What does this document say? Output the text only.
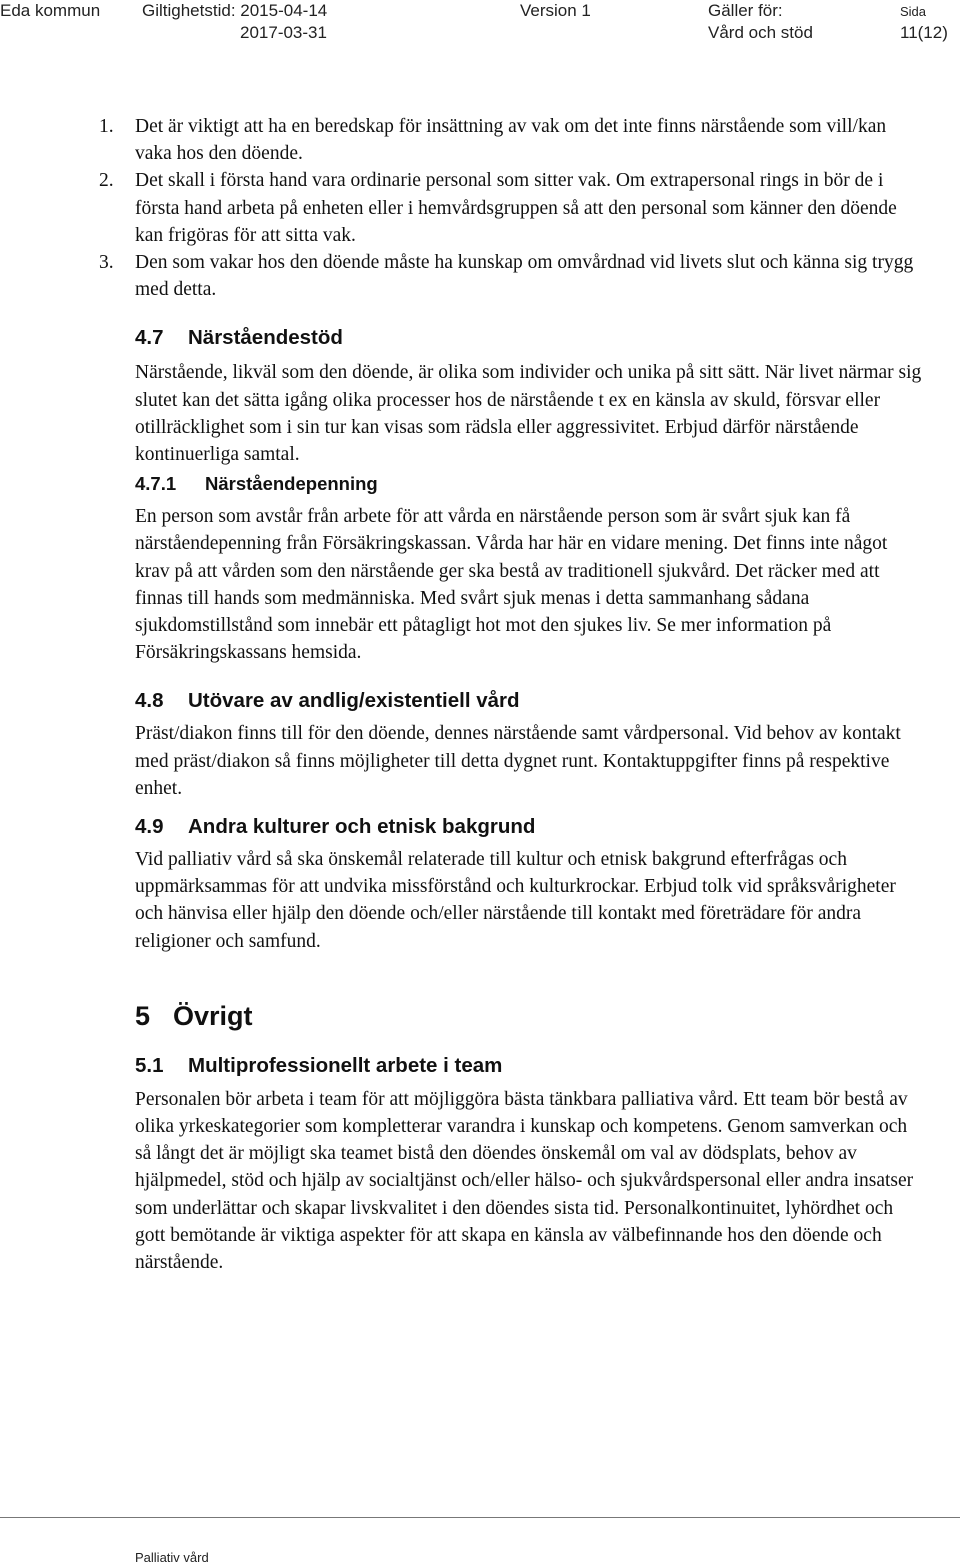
Eda kommun Giltighetstid: 2015-04-14
2017-03-31
Version 1	Gäller för:
Vård och stöd
Sida
11(12)
1. Det är viktigt att ha en beredskap för insättning av vak om det inte finns närstående som vill/kan vaka hos den döende.
2. Det skall i första hand vara ordinarie personal som sitter vak. Om extrapersonal rings in bör de i första hand arbeta på enheten eller i hemvårdsgruppen så att den personal som känner den döende kan frigöras för att sitta vak.
3. Den som vakar hos den döende måste ha kunskap om omvårdnad vid livets slut och känna sig trygg med detta.
4.7 Närståendestöd

Närstående, likväl som den döende, är olika som individer och unika på sitt sätt. När livet närmar sig slutet kan det sätta igång olika processer hos de närstående t ex en känsla av skuld, försvar eller otillräcklighet som i sin tur kan visas som rädsla eller aggressivitet. Erbjud därför närstående kontinuerliga samtal.

4.7.1 Närståendepenning

En person som avstår från arbete för att vårda en närstående person som är svårt sjuk kan få närståendepenning från Försäkringskassan. Vårda har här en vidare mening. Det finns inte något krav på att vården som den närstående ger ska bestå av traditionell sjukvård. Det räcker med att finnas till hands som medmänniska. Med svårt sjuk menas i detta sammanhang sådana sjukdomstillstånd som innebär ett påtagligt hot mot den sjukes liv. Se mer information på Försäkringskassans hemsida.

4.8 Utövare av andlig/existentiell vård

Präst/diakon finns till för den döende, dennes närstående samt vårdpersonal. Vid behov av kontakt med präst/diakon så finns möjligheter till detta dygnet runt. Kontaktuppgifter finns på respektive enhet.

4.9 Andra kulturer och etnisk bakgrund

Vid palliativ vård så ska önskemål relaterade till kultur och etnisk bakgrund efterfrågas och uppmärksammas för att undvika missförstånd och kulturkrockar. Erbjud tolk vid språksvårigheter och hänvisa eller hjälp den döende och/eller närstående till kontakt med företrädare för andra religioner och samfund.

5 Övrigt
5.1 Multiprofessionellt arbete i team

Personalen bör arbeta i team för att möjliggöra bästa tänkbara palliativa vård. Ett team bör bestå av olika yrkeskategorier som kompletterar varandra i kunskap och kompetens. Genom samverkan och så långt det är möjligt ska teamet bistå den döendes önskemål om val av dödsplats, behov av hjälpmedel, stöd och hjälp av socialtjänst och/eller hälso- och sjukvårdspersonal eller andra insatser som underlättar och skapar livskvalitet i den döendes sista tid. Personalkontinuitet, lyhördhet och gott bemötande är viktiga aspekter för att skapa en känsla av välbefinnande hos den döende och närstående.

Palliativ vård
